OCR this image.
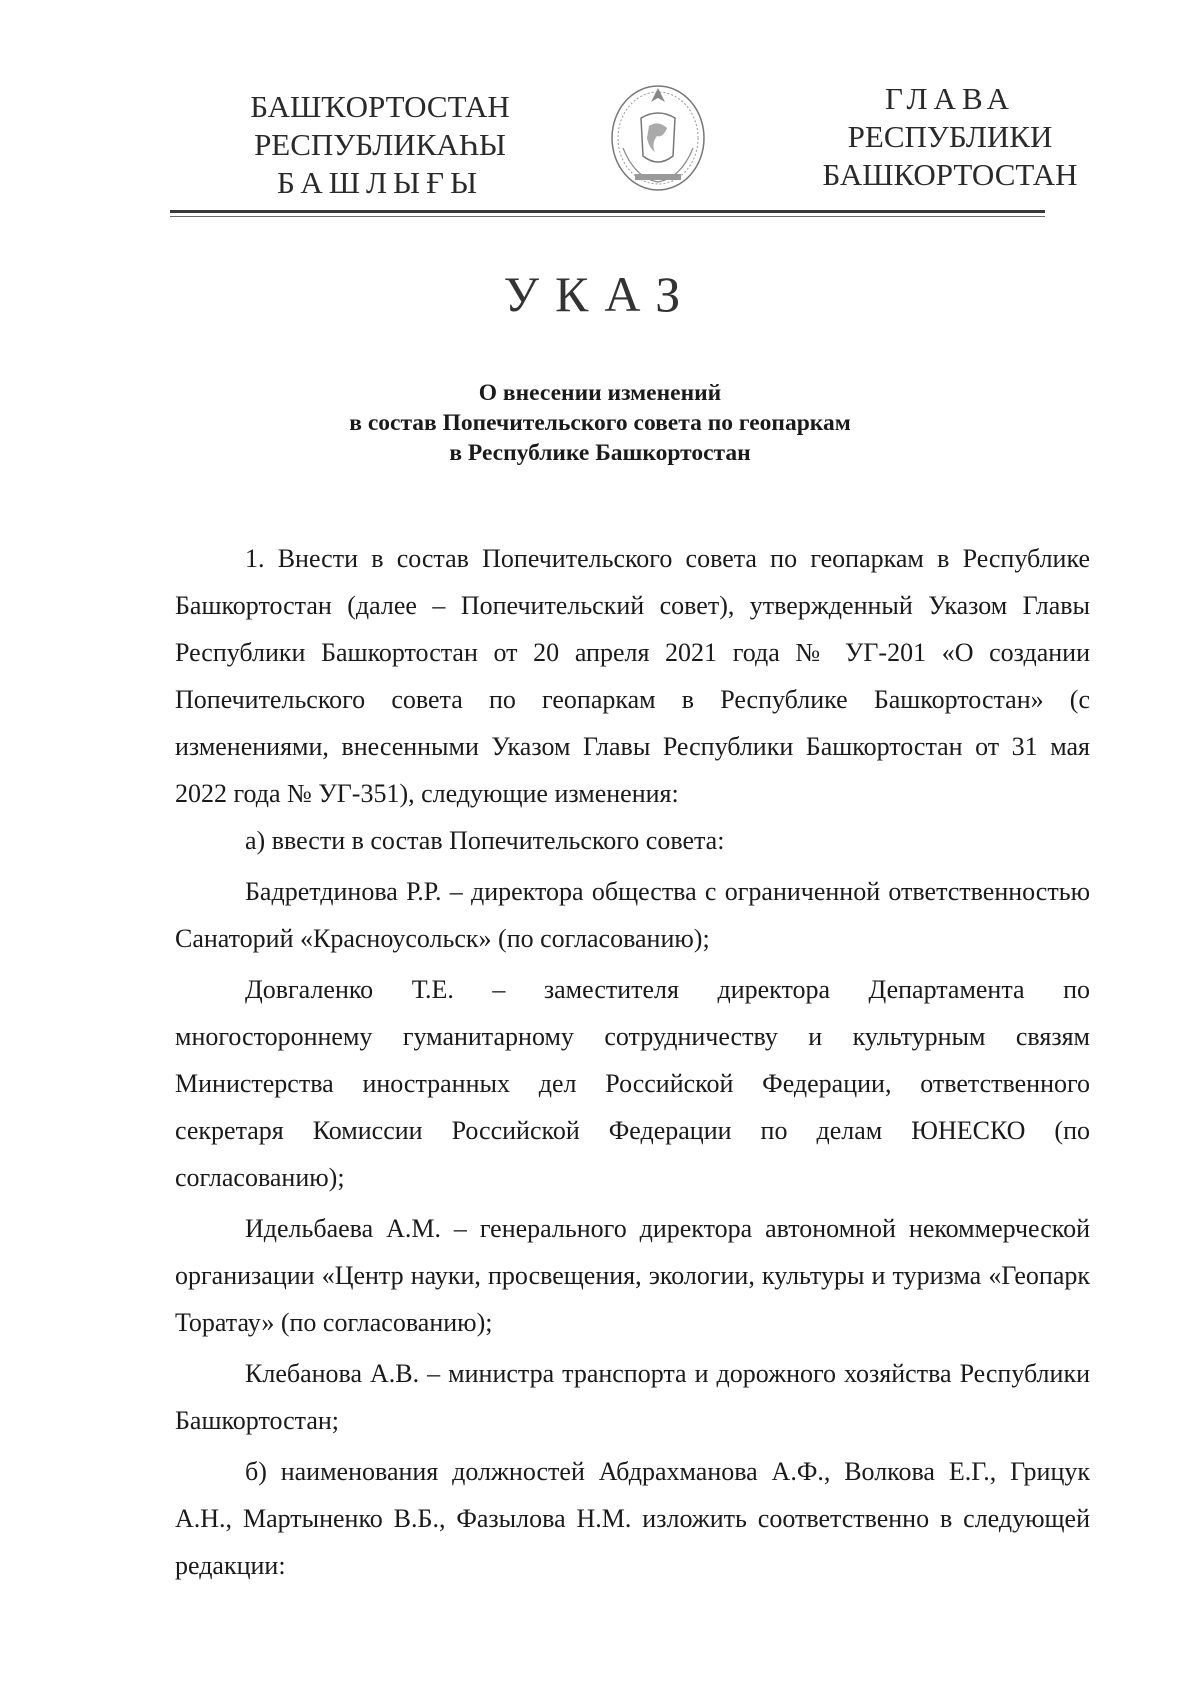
БАШҠОРТОСТАН
РЕСПУБЛИКАҺЫ
БАШЛЫҒЫ
ГЛАВА
РЕСПУБЛИКИ
БАШКОРТОСТАН
УКАЗ
О внесении изменений
в состав Попечительского совета по геопаркам
в Республике Башкортостан

1. Внести в состав Попечительского совета по геопаркам в Республике Башкортостан (далее – Попечительский совет), утвержденный Указом Главы Республики Башкортостан от 20 апреля 2021 года № УГ-201 «О создании Попечительского совета по геопаркам в Республике Башкортостан» (с изменениями, внесенными Указом Главы Республики Башкортостан от 31 мая 2022 года № УГ-351), следующие изменения:

а) ввести в состав Попечительского совета:

Бадретдинова Р.Р. – директора общества с ограниченной ответственностью Санаторий «Красноусольск» (по согласованию);

Довгаленко Т.Е. – заместителя директора Департамента по многостороннему гуманитарному сотрудничеству и культурным связям Министерства иностранных дел Российской Федерации, ответственного секретаря Комиссии Российской Федерации по делам ЮНЕСКО (по согласованию);

Идельбаева А.М. – генерального директора автономной некоммерческой организации «Центр науки, просвещения, экологии, культуры и туризма «Геопарк Торатау» (по согласованию);

Клебанова А.В. – министра транспорта и дорожного хозяйства Республики Башкортостан;

б) наименования должностей Абдрахманова А.Ф., Волкова Е.Г., Грицук А.Н., Мартыненко В.Б., Фазылова Н.М. изложить соответственно в следующей редакции:
